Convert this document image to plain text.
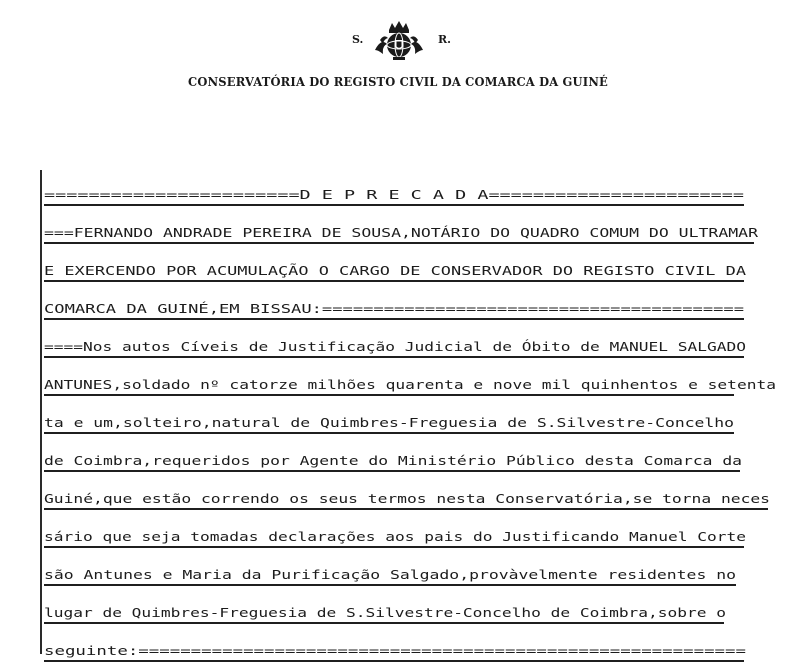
S.	R.
CONSERVATÓRIA DO REGISTO CIVIL DA COMARCA DA GUINÉ
=======================D E P R E C A D A=======================
===FERNANDO ANDRADE PEREIRA DE SOUSA,NOTÁRIO DO QUADRO COMUM DO ULTRAMAR
E EXERCENDO POR ACUMULAÇÃO O CARGO DE CONSERVADOR DO REGISTO CIVIL DA
COMARCA DA GUINÉ,EM BISSAU:=========================================
====Nos autos Cíveis de Justificação Judicial de Óbito de MANUEL SALGADO
ANTUNES,soldado nº catorze milhões quarenta e nove mil quinhentos e setenta
ta e um,solteiro,natural de Quimbres-Freguesia de S.Silvestre-Concelho
de Coimbra,requeridos por Agente do Ministério Público desta Comarca da
Guiné,que estão correndo os seus termos nesta Conservatória,se torna neces
sário que seja tomadas declarações aos pais do Justificando Manuel Corte
são Antunes e Maria da Purificação Salgado,provàvelmente residentes no
lugar de Quimbres-Freguesia de S.Silvestre-Concelho de Coimbra,sobre o
seguinte:==========================================================
